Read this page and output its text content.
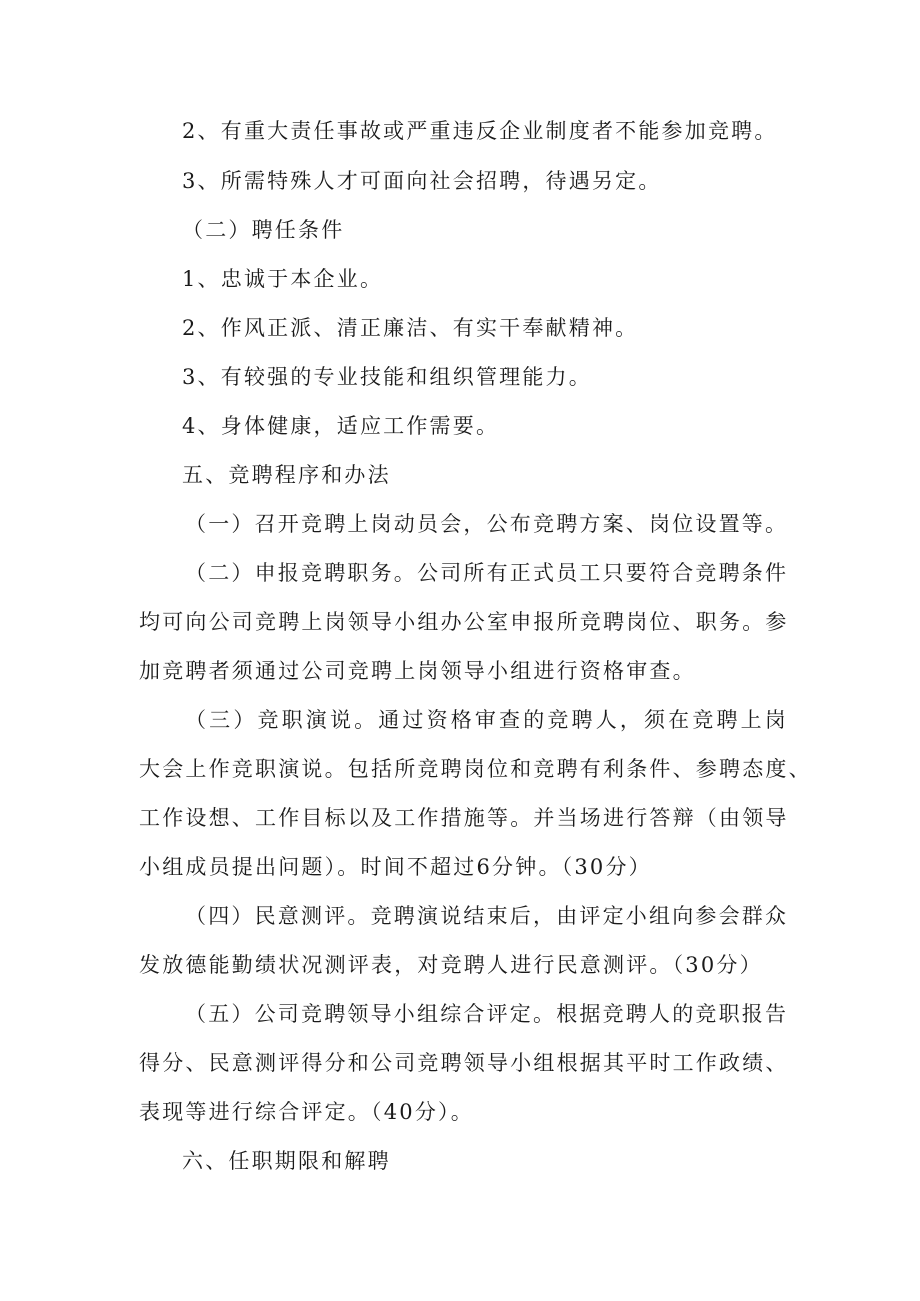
2、有重大责任事故或严重违反企业制度者不能参加竞聘。
3、所需特殊人才可面向社会招聘，待遇另定。
（二）聘任条件
1、忠诚于本企业。
2、作风正派、清正廉洁、有实干奉献精神。
3、有较强的专业技能和组织管理能力。
4、身体健康，适应工作需要。
五、竞聘程序和办法
（一）召开竞聘上岗动员会，公布竞聘方案、岗位设置等。
（二）申报竞聘职务。公司所有正式员工只要符合竞聘条件
均可向公司竞聘上岗领导小组办公室申报所竞聘岗位、职务。参
加竞聘者须通过公司竞聘上岗领导小组进行资格审查。
（三）竞职演说。通过资格审查的竞聘人，须在竞聘上岗
大会上作竞职演说。包括所竞聘岗位和竞聘有利条件、参聘态度、
工作设想、工作目标以及工作措施等。并当场进行答辩（由领导
小组成员提出问题）。时间不超过6分钟。（30分）
（四）民意测评。竞聘演说结束后，由评定小组向参会群众
发放德能勤绩状况测评表，对竞聘人进行民意测评。（30分）
（五）公司竞聘领导小组综合评定。根据竞聘人的竞职报告
得分、民意测评得分和公司竞聘领导小组根据其平时工作政绩、
表现等进行综合评定。（40分）。
六、任职期限和解聘
